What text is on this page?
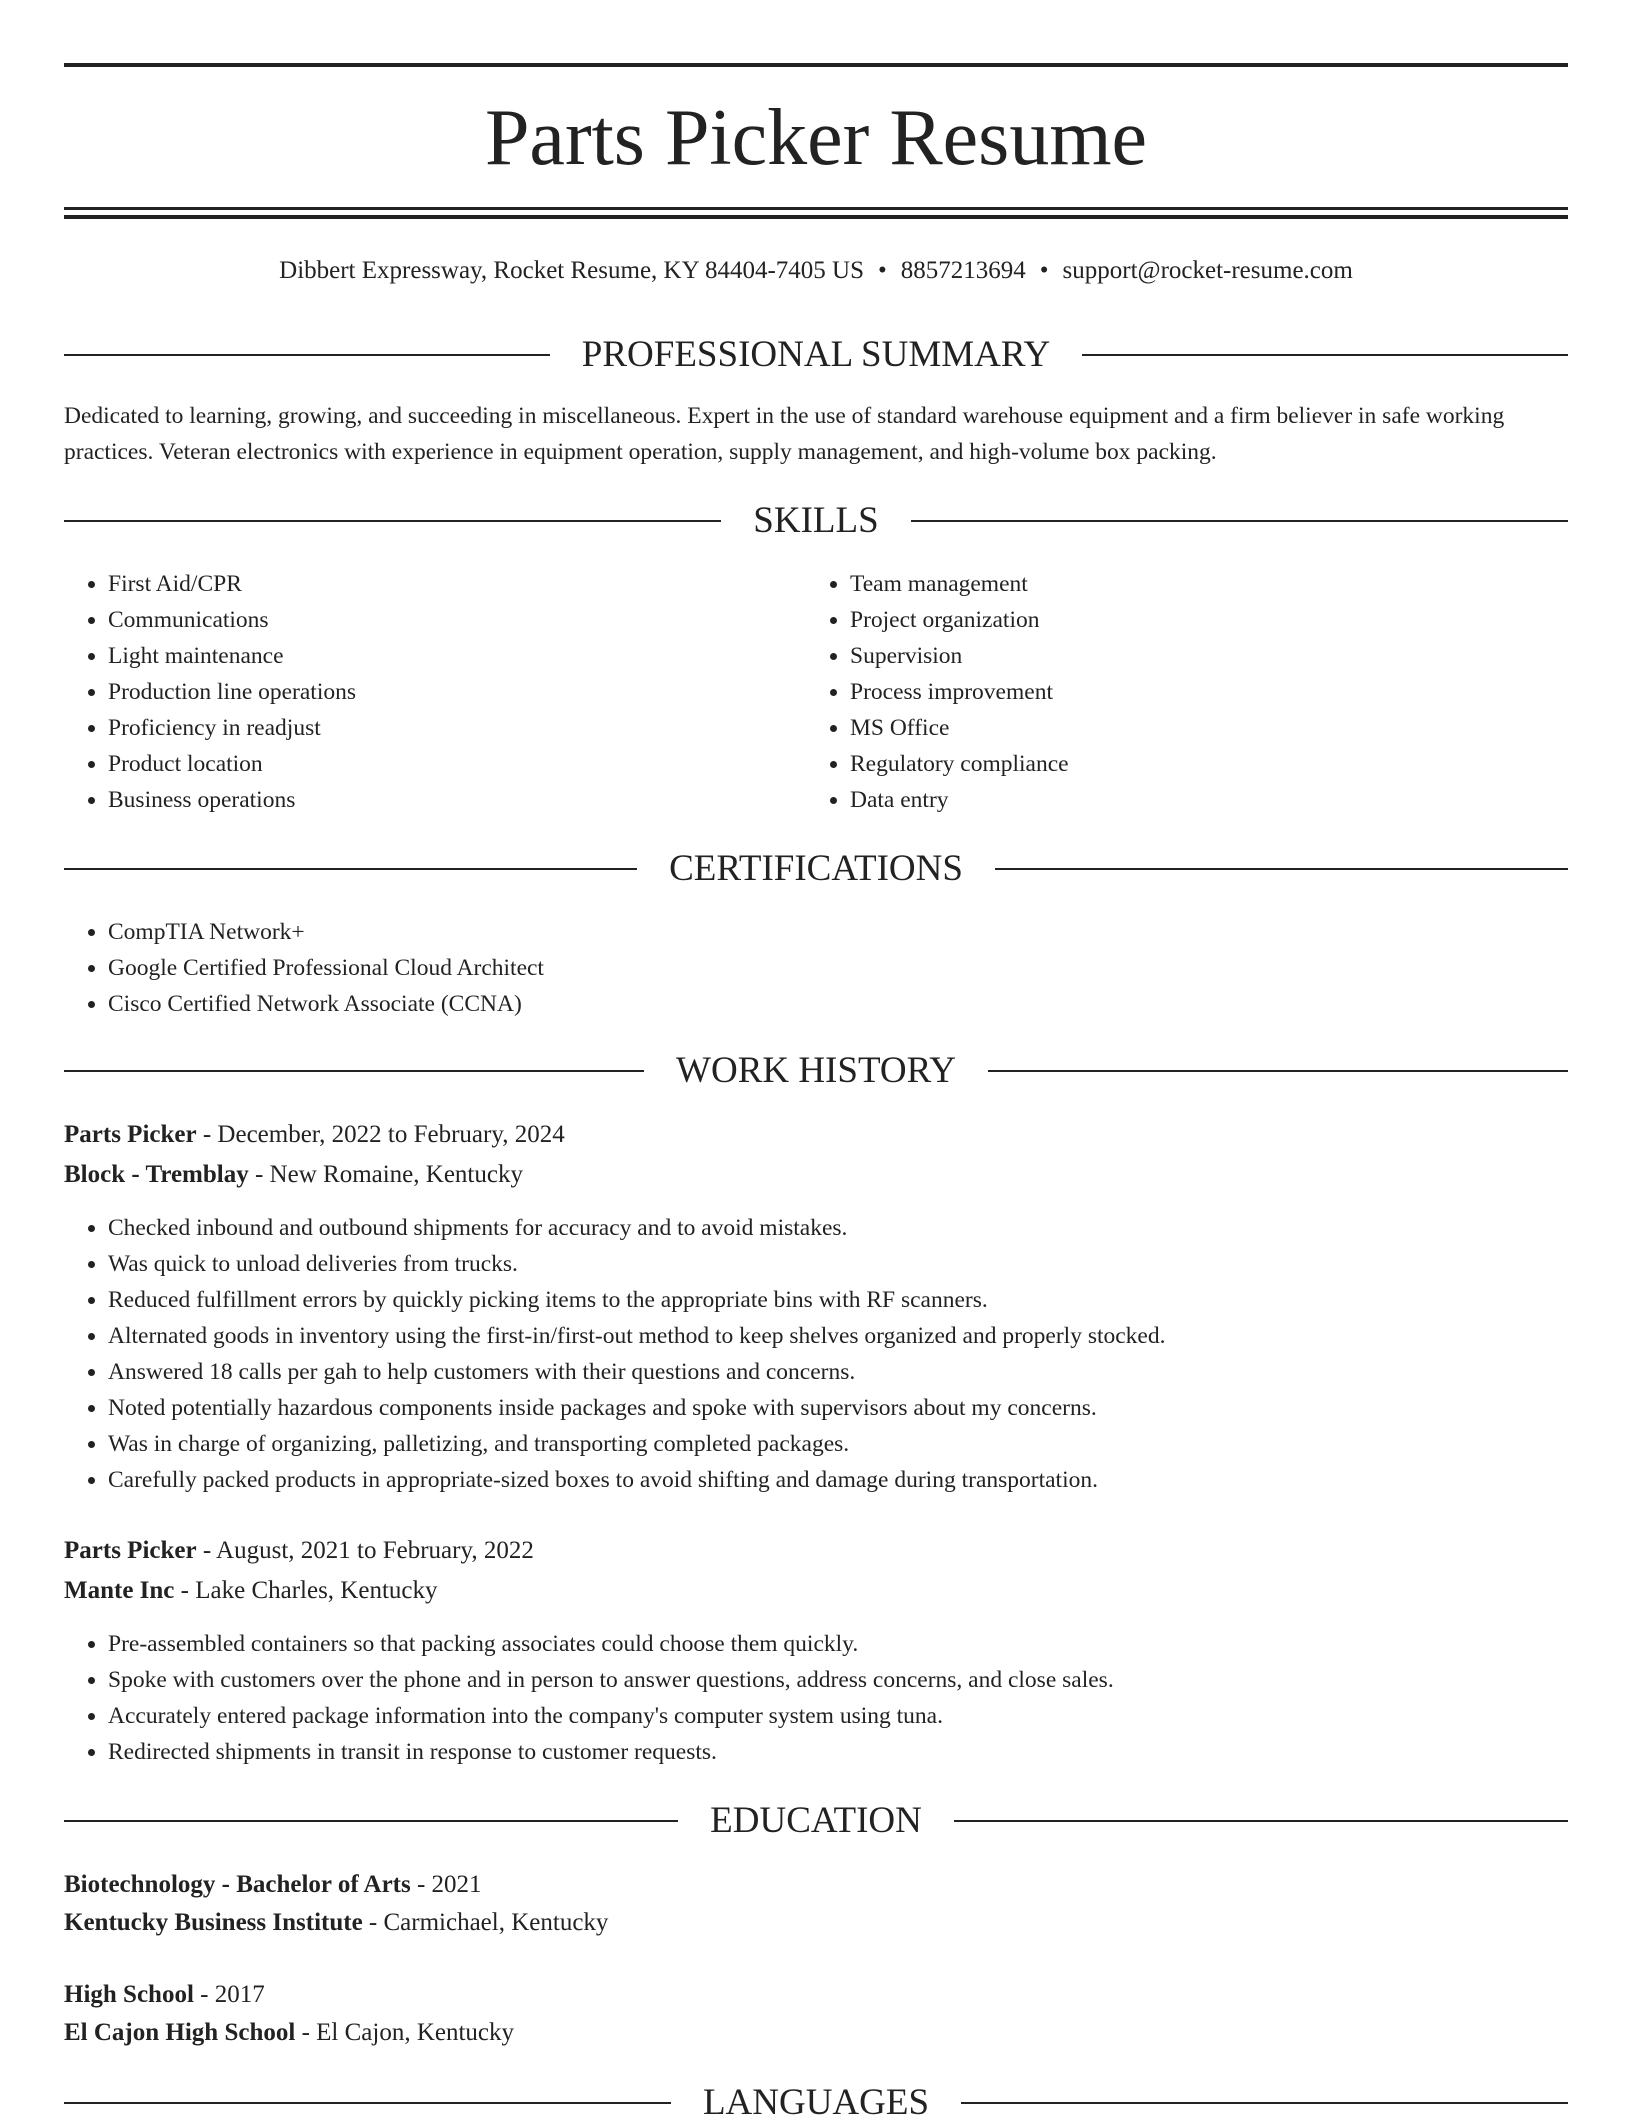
Parts Picker Resume
Dibbert Expressway, Rocket Resume, KY 84404-7405 US • 8857213694 • support@rocket-resume.com
PROFESSIONAL SUMMARY

Dedicated to learning, growing, and succeeding in miscellaneous. Expert in the use of standard warehouse equipment and a firm believer in safe working practices. Veteran electronics with experience in equipment operation, supply management, and high-volume box packing.

SKILLS
• First Aid/CPR
• Communications
• Light maintenance
• Production line operations
• Proficiency in readjust
• Product location
• Business operations
• Team management
• Project organization
• Supervision
• Process improvement
• MS Office
• Regulatory compliance
• Data entry
CERTIFICATIONS
• CompTIA Network+
• Google Certified Professional Cloud Architect
• Cisco Certified Network Associate (CCNA)
WORK HISTORY
Parts Picker - December, 2022 to February, 2024
Block - Tremblay - New Romaine, Kentucky
• Checked inbound and outbound shipments for accuracy and to avoid mistakes.
• Was quick to unload deliveries from trucks.
• Reduced fulfillment errors by quickly picking items to the appropriate bins with RF scanners.
• Alternated goods in inventory using the first-in/first-out method to keep shelves organized and properly stocked.
• Answered 18 calls per gah to help customers with their questions and concerns.
• Noted potentially hazardous components inside packages and spoke with supervisors about my concerns.
• Was in charge of organizing, palletizing, and transporting completed packages.
• Carefully packed products in appropriate-sized boxes to avoid shifting and damage during transportation.
Parts Picker - August, 2021 to February, 2022
Mante Inc - Lake Charles, Kentucky
• Pre-assembled containers so that packing associates could choose them quickly.
• Spoke with customers over the phone and in person to answer questions, address concerns, and close sales.
• Accurately entered package information into the company's computer system using tuna.
• Redirected shipments in transit in response to customer requests.
EDUCATION
Biotechnology - Bachelor of Arts - 2021
Kentucky Business Institute - Carmichael, Kentucky
High School - 2017
El Cajon High School - El Cajon, Kentucky
LANGUAGES
